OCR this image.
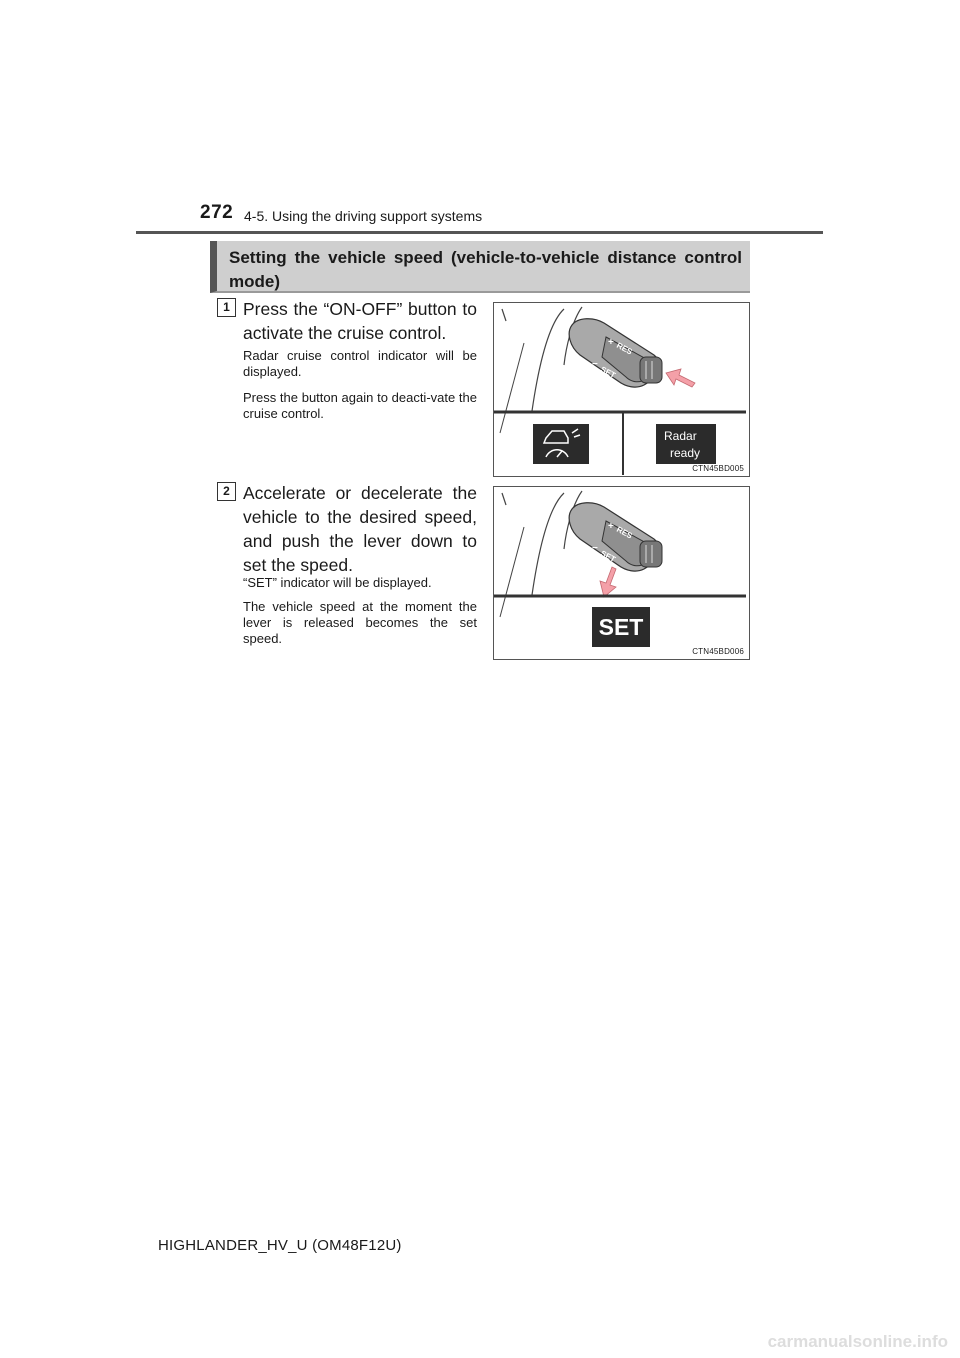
272 4-5. Using the driving support systems
Setting the vehicle speed (vehicle-to-vehicle distance control mode)
1 Press the “ON-OFF” button to activate the cruise control.
Radar cruise control indicator will be displayed.
Press the button again to deacti-vate the cruise control.
RES
+
SET
−
Radar
ready
CTN45BD005
2 Accelerate or decelerate the vehicle to the desired speed, and push the lever down to set the speed.
“SET” indicator will be displayed.
The vehicle speed at the moment the lever is released becomes the set speed.
RES
+
SET
−
SET
CTN45BD006
HIGHLANDER_HV_U (OM48F12U)
carmanualsonline.info
